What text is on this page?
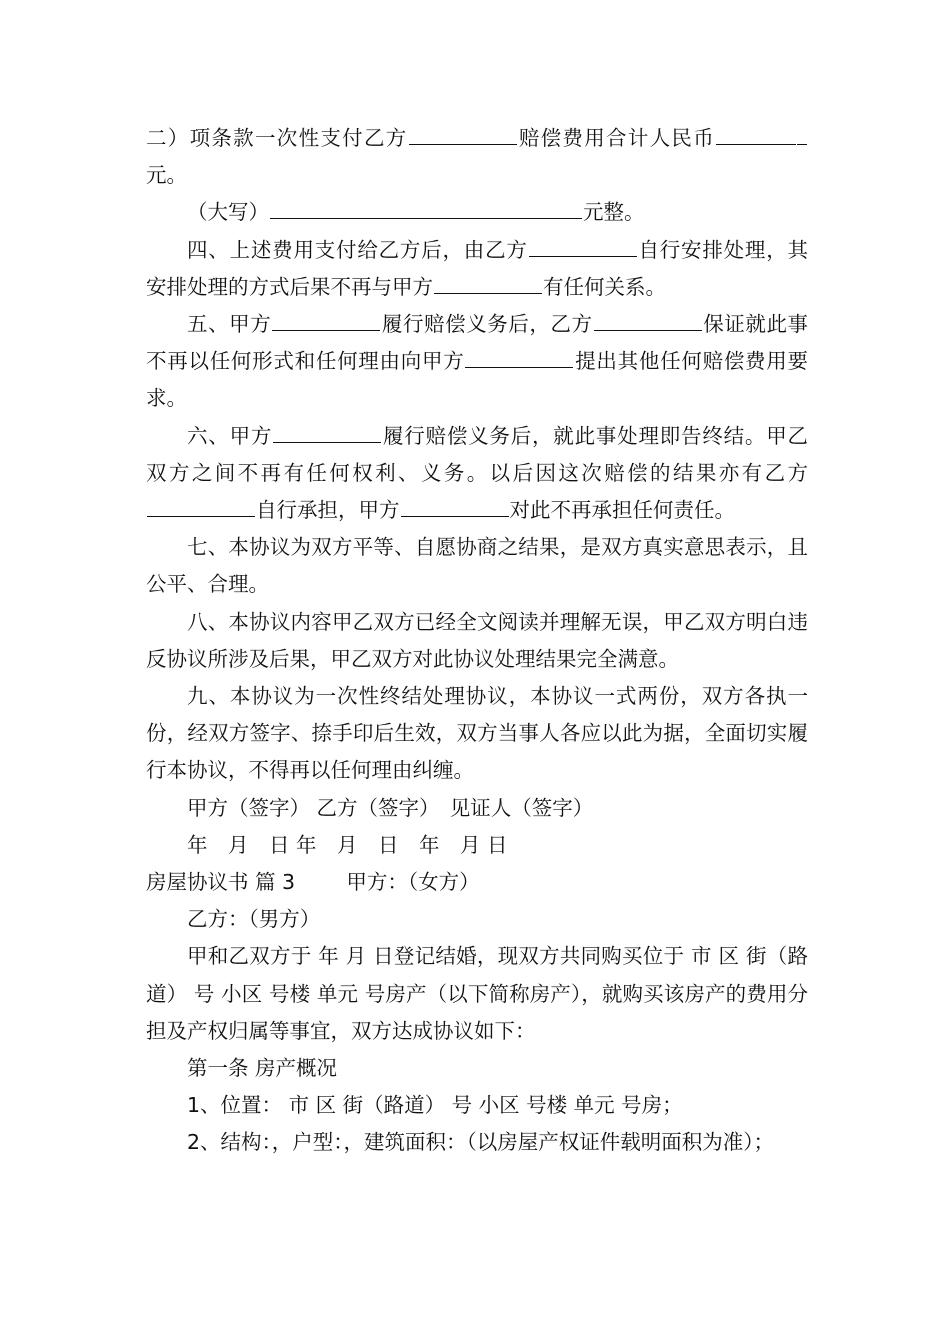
二）项条款一次性支付乙方	赔偿费用合计人民币元。

（大写）	元整。

四、上述费用支付给乙方后，由乙方	自行安排处理，其安排处理的方式后果不再与甲方	有任何关系。

五、甲方	履行赔偿义务后，乙方	保证就此事不再以任何形式和任何理由向甲方	提出其他任何赔偿费用要求。

六、甲方	履行赔偿义务后，就此事处理即告终结。甲乙双方之间不再有任何权利、义务。以后因这次赔偿的结果亦有乙方自行承担，甲方	对此不再承担任何责任。

七、本协议为双方平等、自愿协商之结果，是双方真实意思表示，且公平、合理。

八、本协议内容甲乙双方已经全文阅读并理解无误，甲乙双方明白违反协议所涉及后果，甲乙双方对此协议处理结果完全满意。

九、本协议为一次性终结处理协议，本协议一式两份，双方各执一份，经双方签字、捺手印后生效，双方当事人各应以此为据，全面切实履行本协议，不得再以任何理由纠缠。

甲方（签字） 乙方（签字）　见证人（签字）

年　月　日 年　月　日　年　月 日

房屋协议书 篇 3	甲方：（女方）

乙方：（男方）

甲和乙双方于 年 月 日登记结婚，现双方共同购买位于 市 区 街（路道） 号 小区 号楼 单元 号房产（以下简称房产），就购买该房产的费用分担及产权归属等事宜，双方达成协议如下：

第一条 房产概况

1、位置： 市 区 街（路道） 号 小区 号楼 单元 号房；

2、结构：，户型：，建筑面积：（以房屋产权证件载明面积为准）；
